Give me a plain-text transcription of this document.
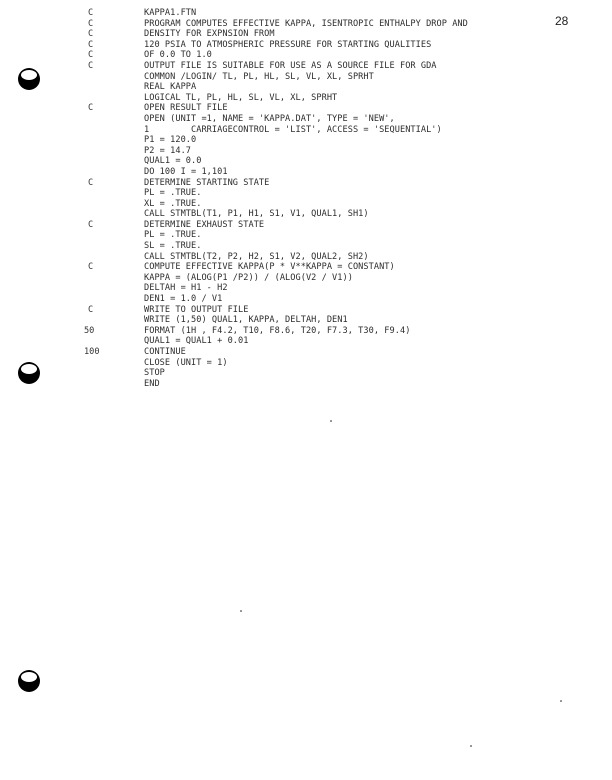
28
C	KAPPA1.FTN
C	PROGRAM COMPUTES EFFECTIVE KAPPA, ISENTROPIC ENTHALPY DROP AND
C	DENSITY FOR EXPNSION FROM
C	120 PSIA TO ATMOSPHERIC PRESSURE FOR STARTING QUALITIES
C	OF 0.0 TO 1.0
C	OUTPUT FILE IS SUITABLE FOR USE AS A SOURCE FILE FOR GDA
COMMON /LOGIN/ TL, PL, HL, SL, VL, XL, SPRHT
REAL KAPPA
LOGICAL TL, PL, HL, SL, VL, XL, SPRHT
C	OPEN RESULT FILE
OPEN (UNIT =1, NAME = 'KAPPA.DAT', TYPE = 'NEW',
1        CARRIAGECONTROL = 'LIST', ACCESS = 'SEQUENTIAL')
P1 = 120.0
P2 = 14.7
QUAL1 = 0.0
DO 100 I = 1,101
C	DETERMINE STARTING STATE
PL = .TRUE.
XL = .TRUE.
CALL STMTBL(T1, P1, H1, S1, V1, QUAL1, SH1)
C	DETERMINE EXHAUST STATE
PL = .TRUE.
SL = .TRUE.
CALL STMTBL(T2, P2, H2, S1, V2, QUAL2, SH2)
C	COMPUTE EFFECTIVE KAPPA(P * V**KAPPA = CONSTANT)
KAPPA = (ALOG(P1 /P2)) / (ALOG(V2 / V1))
DELTAH = H1 - H2
DEN1 = 1.0 / V1
C	WRITE TO OUTPUT FILE
WRITE (1,50) QUAL1, KAPPA, DELTAH, DEN1
50	FORMAT (1H , F4.2, T10, F8.6, T20, F7.3, T30, F9.4)
QUAL1 = QUAL1 + 0.01
100	CONTINUE
CLOSE (UNIT = 1)
STOP
END
